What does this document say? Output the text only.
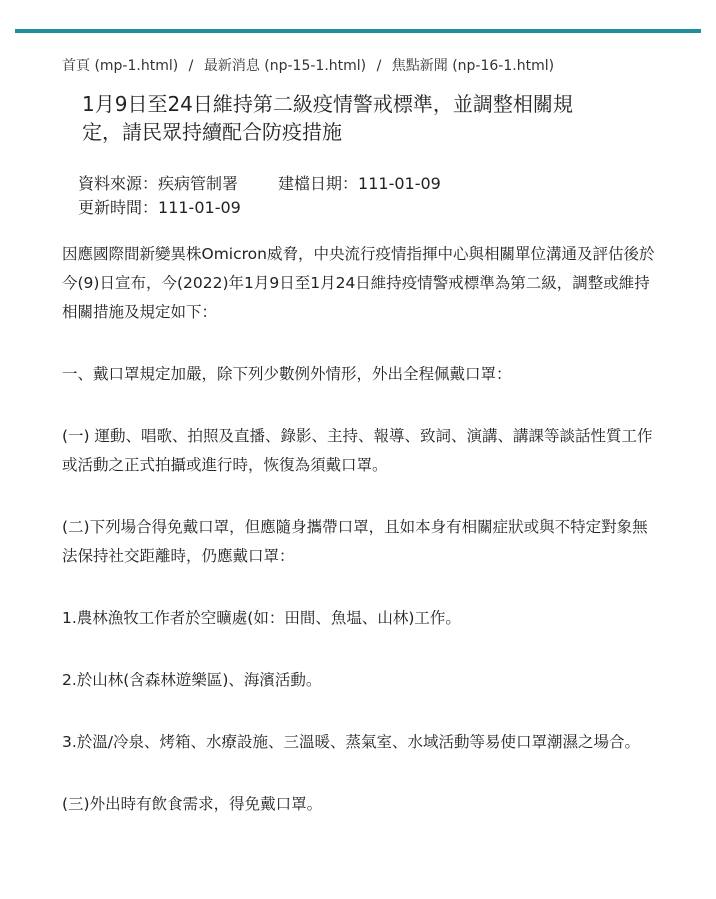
首頁 (mp-1.html) / 最新消息 (np-15-1.html) / 焦點新聞 (np-16-1.html)
1月9日至24日維持第二級疫情警戒標準，並調整相關規定，請民眾持續配合防疫措施
資料來源：疾病管制署	建檔日期：111-01-09
更新時間：111-01-09

因應國際間新變異株Omicron威脅，中央流行疫情指揮中心與相關單位溝通及評估後於今(9)日宣布，今(2022)年1月9日至1月24日維持疫情警戒標準為第二級，調整或維持相關措施及規定如下：

一、戴口罩規定加嚴，除下列少數例外情形，外出全程佩戴口罩：

(一) 運動、唱歌、拍照及直播、錄影、主持、報導、致詞、演講、講課等談話性質工作或活動之正式拍攝或進行時，恢復為須戴口罩。

(二)下列場合得免戴口罩，但應隨身攜帶口罩，且如本身有相關症狀或與不特定對象無法保持社交距離時，仍應戴口罩：

1.農林漁牧工作者於空曠處(如：田間、魚塭、山林)工作。

2.於山林(含森林遊樂區)、海濱活動。

3.於溫/冷泉、烤箱、水療設施、三溫暖、蒸氣室、水域活動等易使口罩潮濕之場合。

(三)外出時有飲食需求，得免戴口罩。
